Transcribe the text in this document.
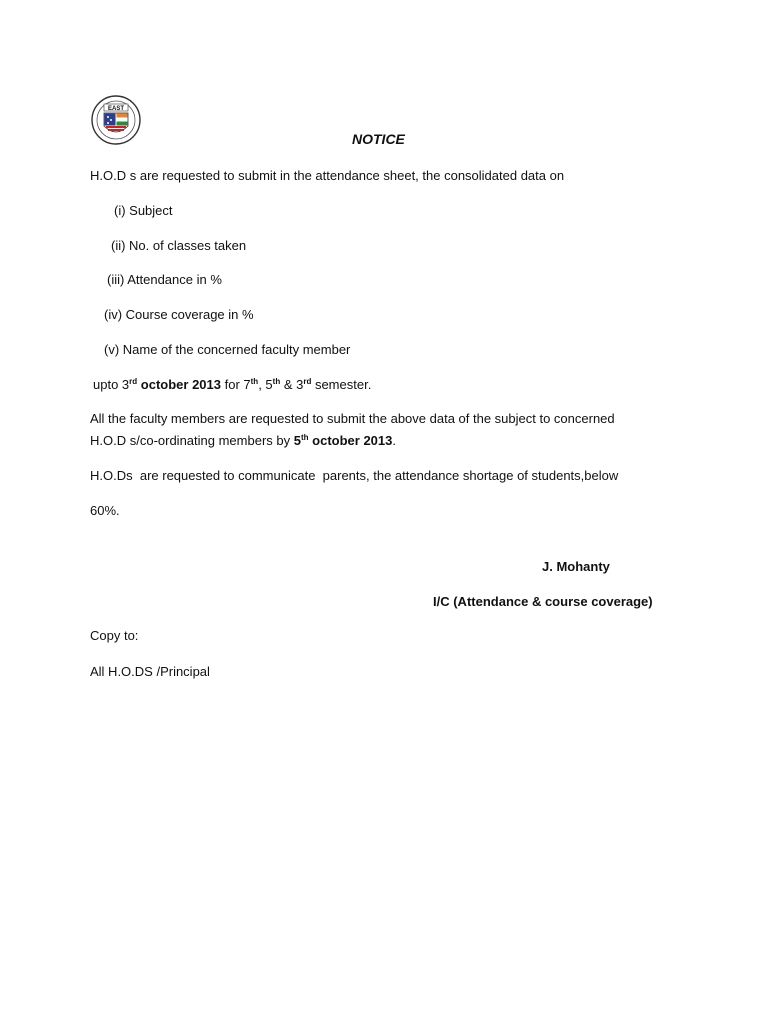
EAST
NOTICE
H.O.D s are requested to submit in the attendance sheet, the consolidated data on
(i) Subject
(ii) No. of classes taken
(iii) Attendance in %
(iv) Course coverage in %
(v) Name of the concerned faculty member
upto 3rd october 2013 for 7th, 5th & 3rd semester.
All the faculty members are requested to submit the above data of the subject to concerned
H.O.D s/co-ordinating members by 5th october 2013.
H.O.Ds  are requested to communicate  parents, the attendance shortage of students,below
60%.
J. Mohanty
I/C (Attendance & course coverage)
Copy to:
All H.O.DS /Principal
